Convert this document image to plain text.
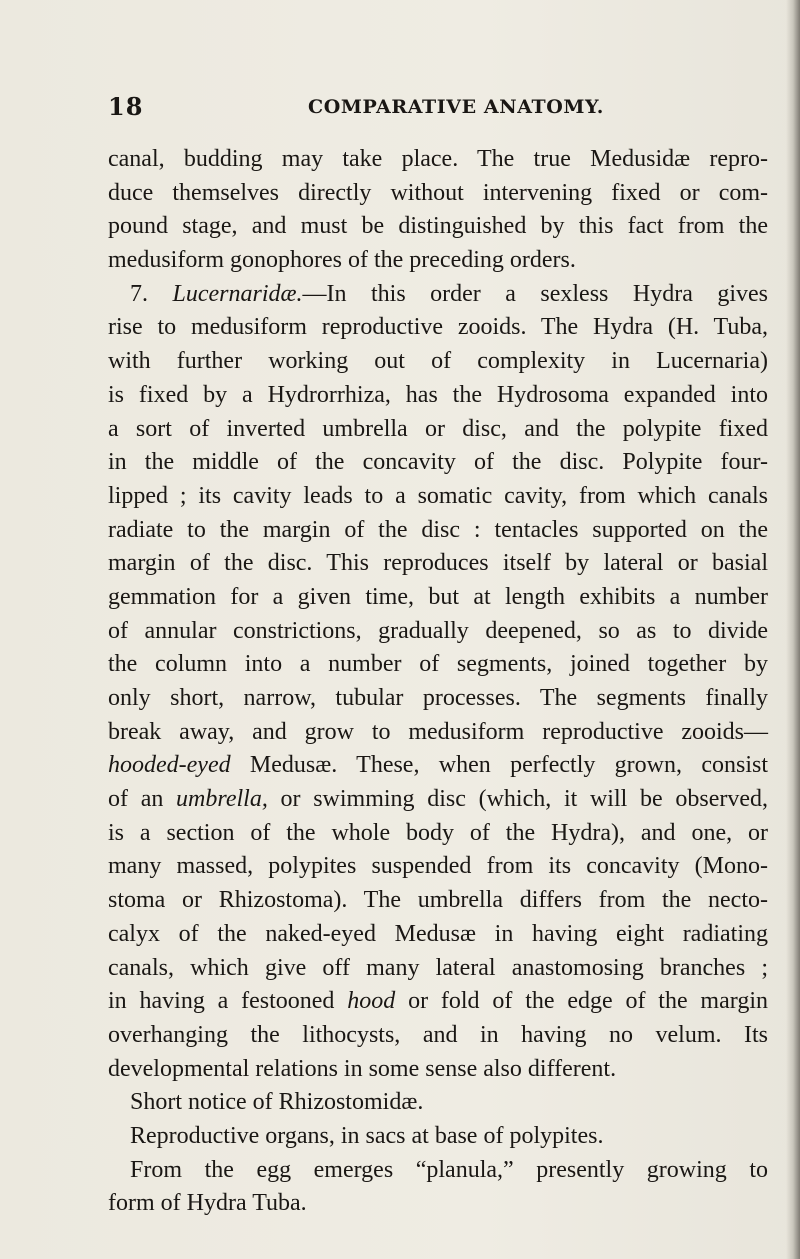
18	COMPARATIVE ANATOMY.
canal, budding may take place. The true Medusidæ repro-
duce themselves directly without intervening fixed or com-
pound stage, and must be distinguished by this fact from the
medusiform gonophores of the preceding orders.
7. Lucernaridæ.—In this order a sexless Hydra gives
rise to medusiform reproductive zooids. The Hydra (H. Tuba,
with further working out of complexity in Lucernaria)
is fixed by a Hydrorrhiza, has the Hydrosoma expanded into
a sort of inverted umbrella or disc, and the polypite fixed
in the middle of the concavity of the disc. Polypite four-
lipped ; its cavity leads to a somatic cavity, from which canals
radiate to the margin of the disc : tentacles supported on the
margin of the disc. This reproduces itself by lateral or basial
gemmation for a given time, but at length exhibits a number
of annular constrictions, gradually deepened, so as to divide
the column into a number of segments, joined together by
only short, narrow, tubular processes. The segments finally
break away, and grow to medusiform reproductive zooids—
hooded-eyed Medusæ. These, when perfectly grown, consist
of an umbrella, or swimming disc (which, it will be observed,
is a section of the whole body of the Hydra), and one, or
many massed, polypites suspended from its concavity (Mono-
stoma or Rhizostoma). The umbrella differs from the necto-
calyx of the naked-eyed Medusæ in having eight radiating
canals, which give off many lateral anastomosing branches ;
in having a festooned hood or fold of the edge of the margin
overhanging the lithocysts, and in having no velum. Its
developmental relations in some sense also different.
Short notice of Rhizostomidæ.
Reproductive organs, in sacs at base of polypites.
From the egg emerges “planula,” presently growing to
form of Hydra Tuba.
